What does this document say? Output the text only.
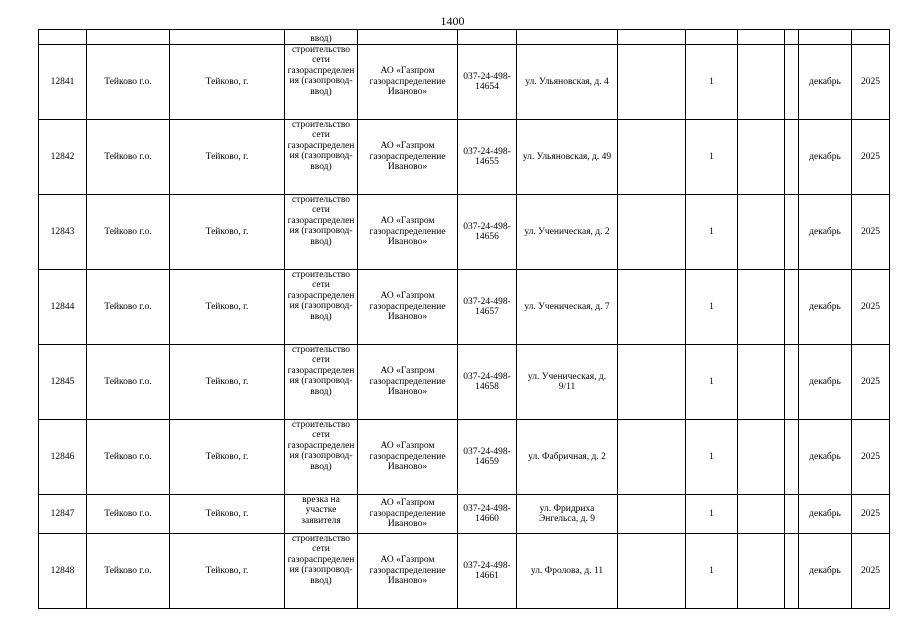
1400
			ввод)									
12841	Тейково г.о.	Тейково, г.	строительство сети газораспределения (газопровод-ввод)	АО «Газпром газораспределение Иваново»	037-24-498-14654	ул. Ульяновская, д. 4		1			декабрь	2025
12842	Тейково г.о.	Тейково, г.	строительство сети газораспределения (газопровод-ввод)	АО «Газпром газораспределение Иваново»	037-24-498-14655	ул. Ульяновская, д. 49		1			декабрь	2025
12843	Тейково г.о.	Тейково, г.	строительство сети газораспределения (газопровод-ввод)	АО «Газпром газораспределение Иваново»	037-24-498-14656	ул. Ученическая, д. 2		1			декабрь	2025
12844	Тейково г.о.	Тейково, г.	строительство сети газораспределения (газопровод-ввод)	АО «Газпром газораспределение Иваново»	037-24-498-14657	ул. Ученическая, д. 7		1			декабрь	2025
12845	Тейково г.о.	Тейково, г.	строительство сети газораспределения (газопровод-ввод)	АО «Газпром газораспределение Иваново»	037-24-498-14658	ул. Ученическая, д. 9/11		1			декабрь	2025
12846	Тейково г.о.	Тейково, г.	строительство сети газораспределения (газопровод-ввод)	АО «Газпром газораспределение Иваново»	037-24-498-14659	ул. Фабричная, д. 2		1			декабрь	2025
12847	Тейково г.о.	Тейково, г.	врезка на участке заявителя	АО «Газпром газораспределение Иваново»	037-24-498-14660	ул. Фридриха Энгельса, д. 9		1			декабрь	2025
12848	Тейково г.о.	Тейково, г.	строительство сети газораспределения (газопровод-ввод)	АО «Газпром газораспределение Иваново»	037-24-498-14661	ул. Фролова, д. 11		1			декабрь	2025
